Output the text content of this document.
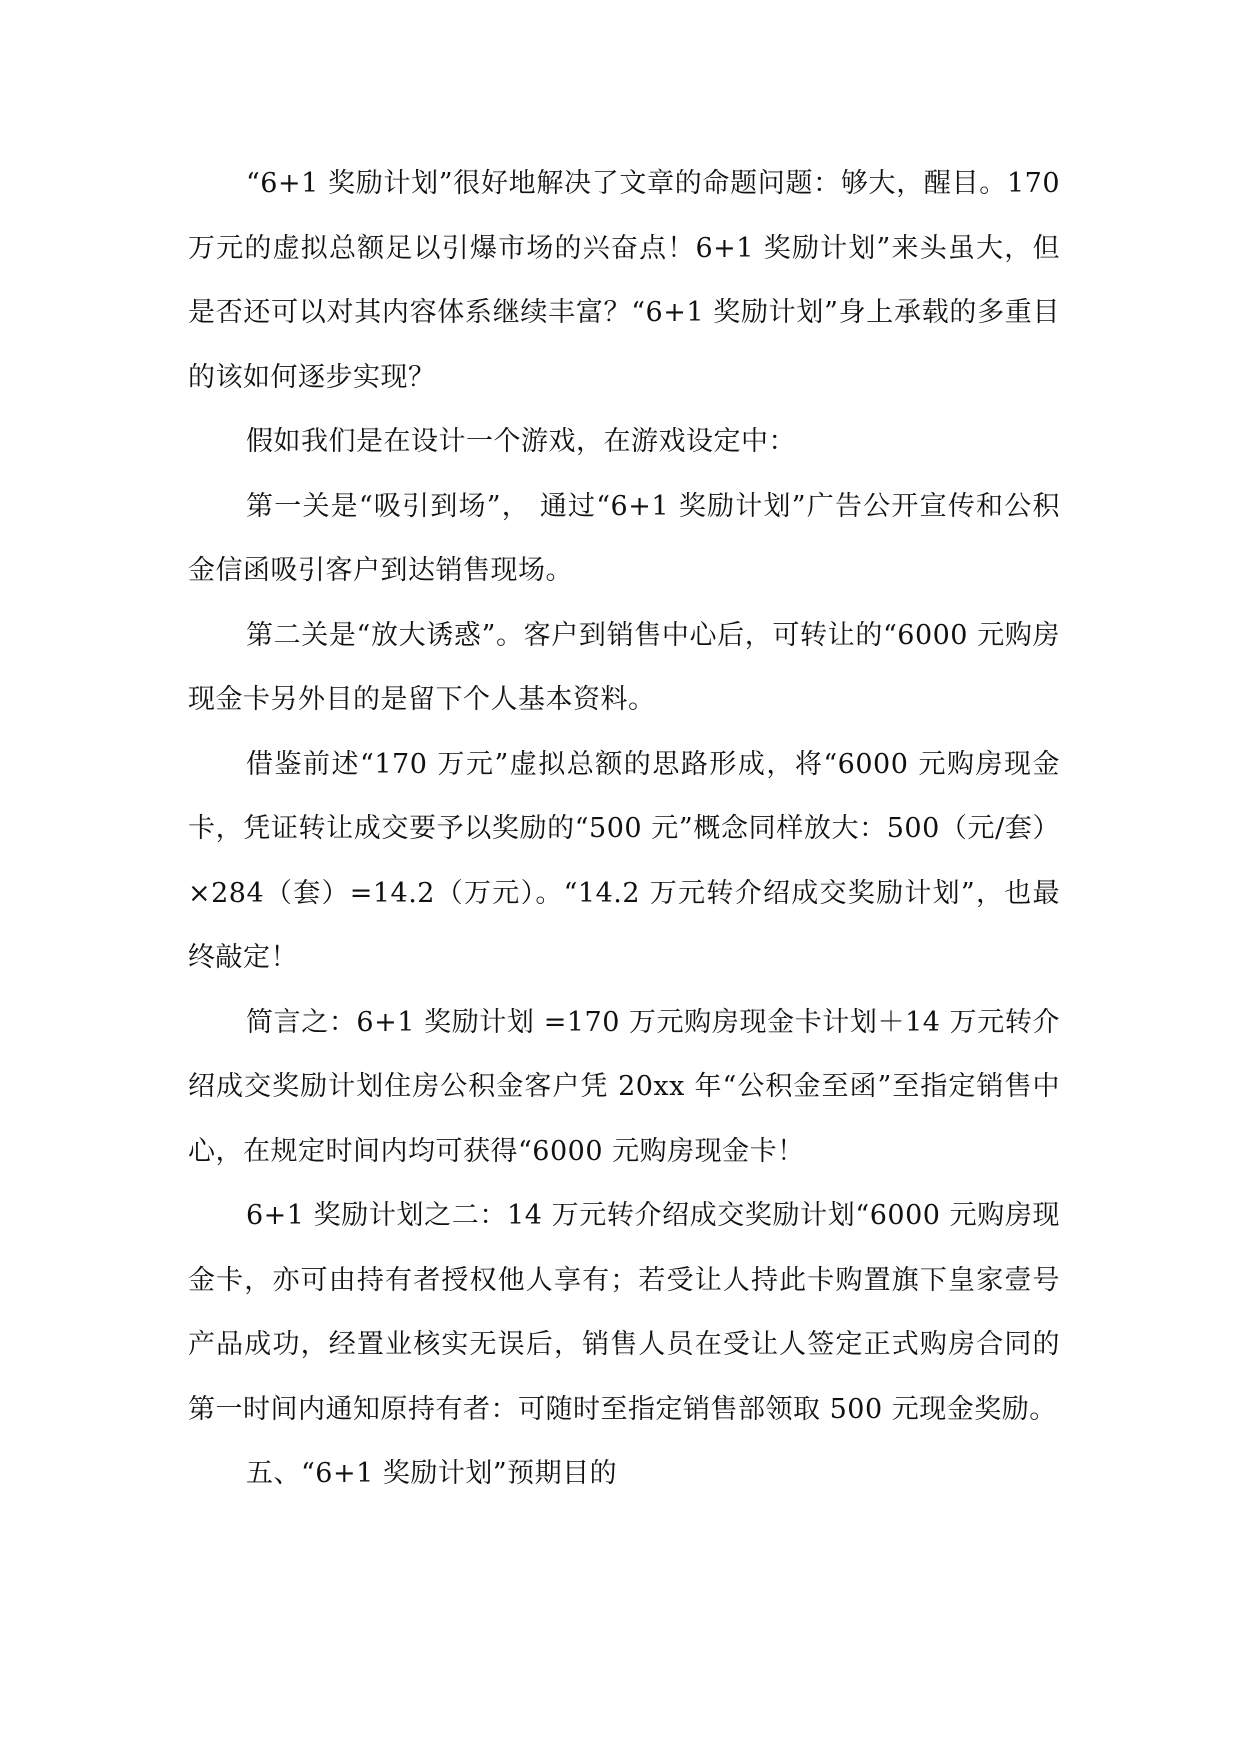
“6+1 奖励计划”很好地解决了文章的命题问题：够大，醒目。170 万元的虚拟总额足以引爆市场的兴奋点！6+1 奖励计划”来头虽大，但是否还可以对其内容体系继续丰富？“6+1 奖励计划”身上承载的多重目的该如何逐步实现？

假如我们是在设计一个游戏，在游戏设定中：

第一关是“吸引到场”， 通过“6+1 奖励计划”广告公开宣传和公积金信函吸引客户到达销售现场。

第二关是“放大诱惑”。客户到销售中心后，可转让的“6000 元购房现金卡另外目的是留下个人基本资料。

借鉴前述“170 万元”虚拟总额的思路形成，将“6000 元购房现金卡，凭证转让成交要予以奖励的“500 元”概念同样放大：500（元/套）×284（套）=14.2（万元）。“14.2 万元转介绍成交奖励计划”，也最终敲定！

简言之：6+1 奖励计划 =170 万元购房现金卡计划＋14 万元转介绍成交奖励计划住房公积金客户凭 20xx 年“公积金至函”至指定销售中心，在规定时间内均可获得“6000 元购房现金卡！

6+1 奖励计划之二：14 万元转介绍成交奖励计划“6000 元购房现金卡，亦可由持有者授权他人享有；若受让人持此卡购置旗下皇家壹号产品成功，经置业核实无误后，销售人员在受让人签定正式购房合同的第一时间内通知原持有者：可随时至指定销售部领取 500 元现金奖励。

五、“6+1 奖励计划”预期目的
